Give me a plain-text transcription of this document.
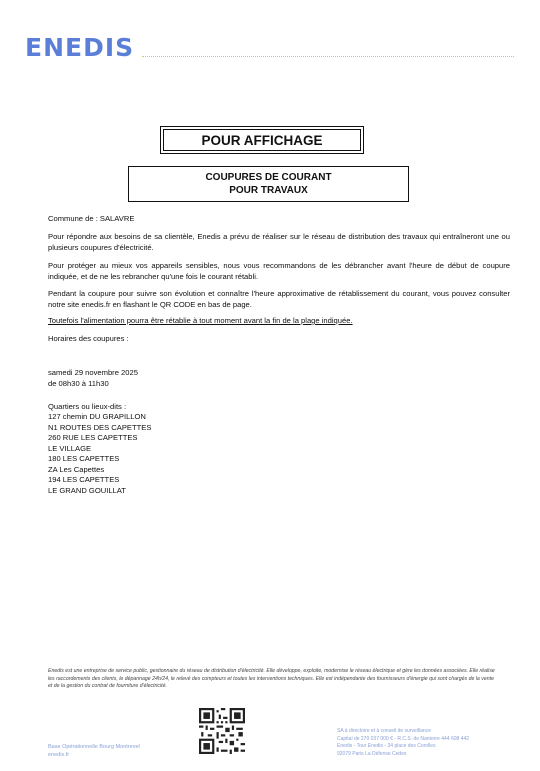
ENEDIS
POUR AFFICHAGE
COUPURES DE COURANT
POUR TRAVAUX
Commune de : SALAVRE
Pour répondre aux besoins de sa clientèle, Enedis a prévu de réaliser sur le réseau de distribution des travaux qui entraîneront une ou plusieurs coupures d'électricité.
Pour protéger au mieux vos appareils sensibles, nous vous recommandons de les débrancher avant l'heure de début de coupure indiquée, et de ne les rebrancher qu'une fois le courant rétabli.
Pendant la coupure pour suivre son évolution et connaître l'heure approximative de rétablissement du courant, vous pouvez consulter notre site enedis.fr en flashant le QR CODE en bas de page.
Toutefois l'alimentation pourra être rétablie à tout moment avant la fin de la plage indiquée.
Horaires des coupures :
samedi 29 novembre 2025
de 08h30 à 11h30
Quartiers ou lieux-dits :
127 chemin DU GRAPILLON
N1 ROUTES DES CAPETTES
260 RUE LES CAPETTES
LE VILLAGE
180 LES CAPETTES
ZA Les Capettes
194 LES CAPETTES
LE GRAND GOUILLAT
Enedis est une entreprise de service public, gestionnaire du réseau de distribution d'électricité. Elle développe, exploite, modernise le réseau électrique et gère les données associées. Elle réalise les raccordements des clients, le dépannage 24h/24, le relevé des compteurs et toutes les interventions techniques. Elle est indépendante des fournisseurs d'énergie qui sont chargés de la vente et de la gestion du contrat de fourniture d'électricité.
Base Opérationnelle Bourg Montrevel
enedis.fr
SA à directoire et à conseil de surveillance
Capital de 270 037 000 € - R.C.S. de Nanterre 444 608 442
Enedis - Tour Enedis - 34 place des Corolles
92079 Paris La Défense Cedex
